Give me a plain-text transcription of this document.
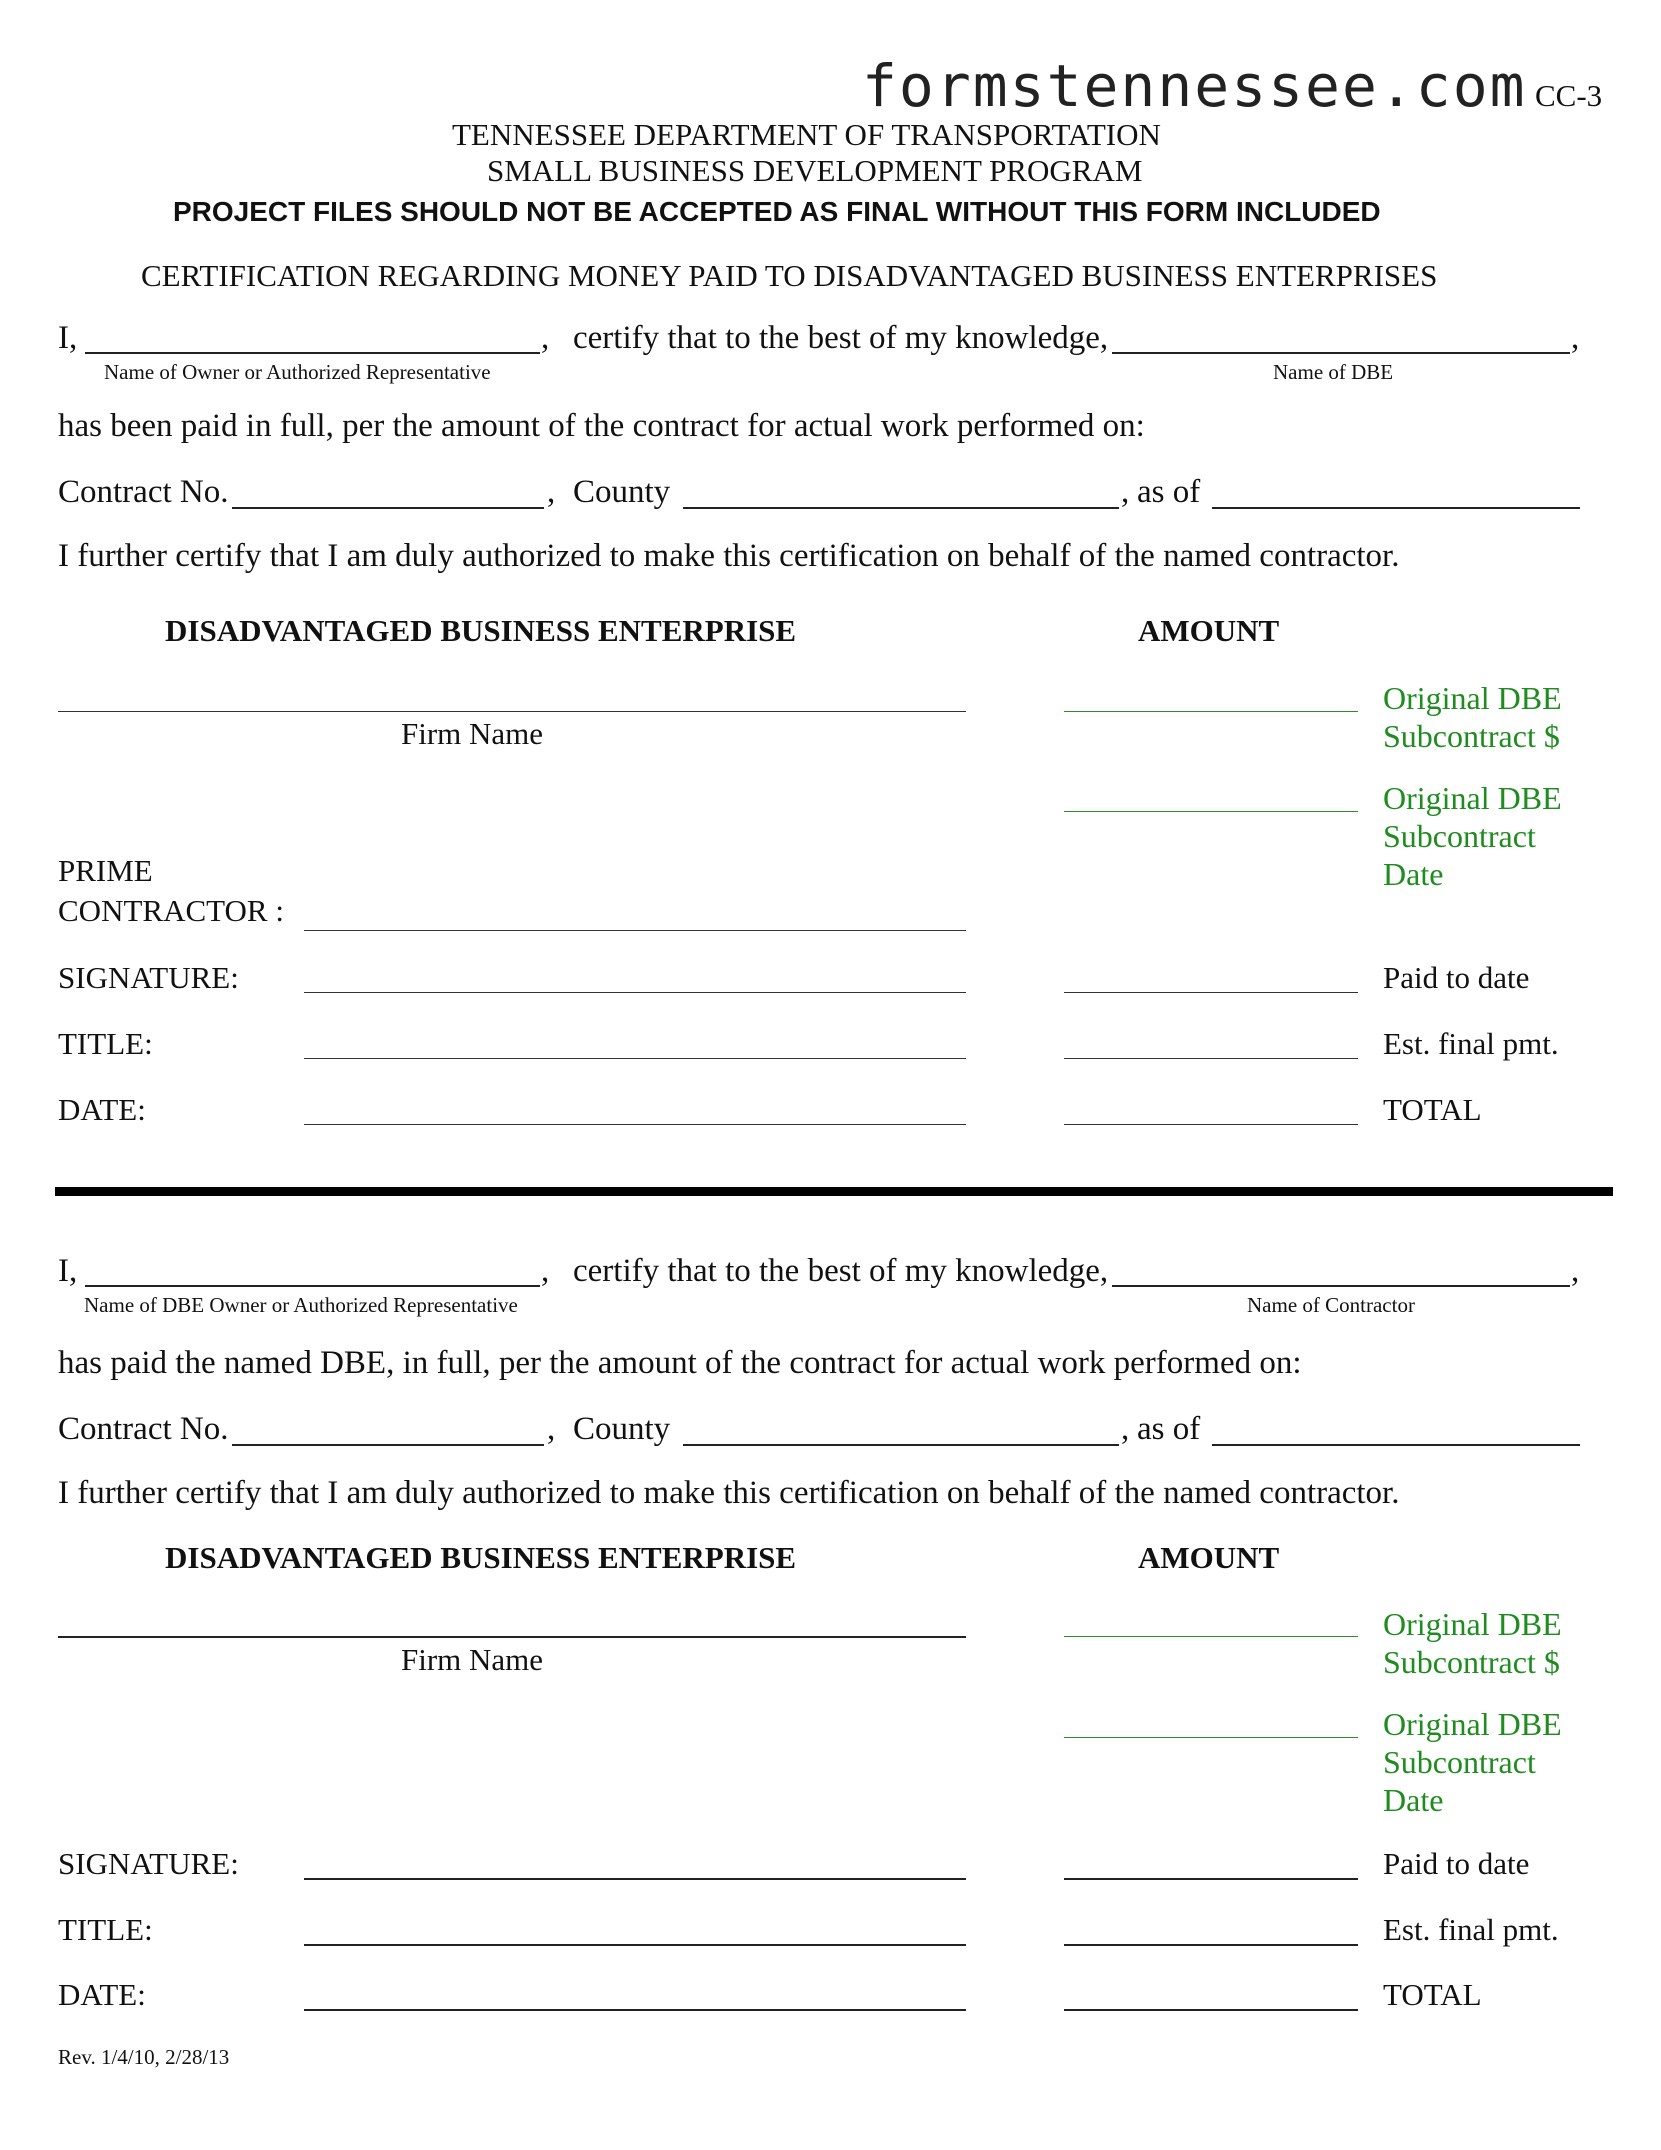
formstennessee.com CC-3
TENNESSEE DEPARTMENT OF TRANSPORTATION
SMALL BUSINESS DEVELOPMENT PROGRAM
PROJECT FILES SHOULD NOT BE ACCEPTED AS FINAL WITHOUT THIS FORM INCLUDED
CERTIFICATION REGARDING MONEY PAID TO DISADVANTAGED BUSINESS ENTERPRISES
I,	, certify that to the best of my knowledge,	,
Name of Owner or Authorized Representative	Name of DBE
has been paid in full, per the amount of the contract for actual work performed on:
Contract No.	, County	, as of
I further certify that I am duly authorized to make this certification on behalf of the named contractor.
DISADVANTAGED BUSINESS ENTERPRISE	AMOUNT
Firm Name
Original DBE Subcontract $
Original DBE Subcontract Date
PRIME
CONTRACTOR :
SIGNATURE:	Paid to date
TITLE:	Est. final pmt.
DATE:	TOTAL
I,	, certify that to the best of my knowledge,	,
Name of DBE Owner or Authorized Representative	Name of Contractor
has paid the named DBE, in full, per the amount of the contract for actual work performed on:
Contract No.	, County	, as of
I further certify that I am duly authorized to make this certification on behalf of the named contractor.
DISADVANTAGED BUSINESS ENTERPRISE	AMOUNT
Firm Name
Original DBE Subcontract $
Original DBE Subcontract Date
SIGNATURE:	Paid to date
TITLE:	Est. final pmt.
DATE:	TOTAL
Rev. 1/4/10, 2/28/13
